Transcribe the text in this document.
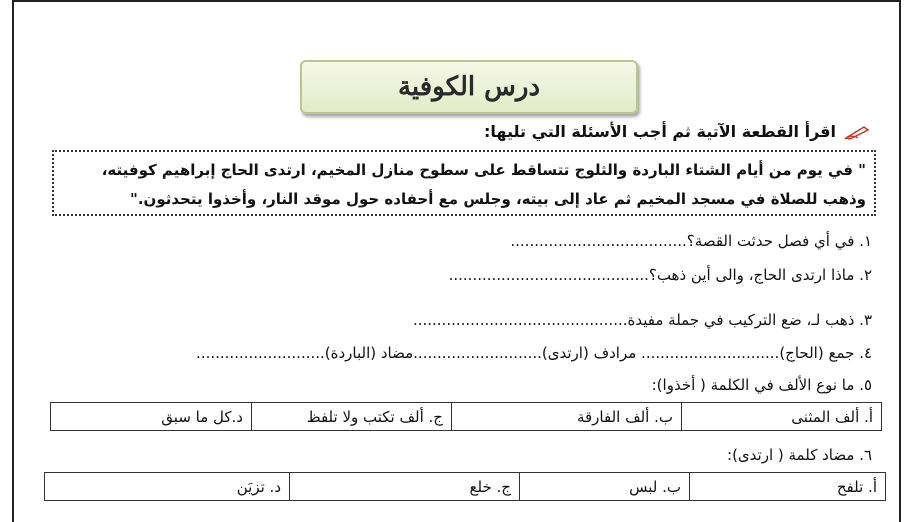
درس الكوفية
اقرأ القطعة الآتية ثم أجب الأسئلة التي تليها:
" في يوم من أيام الشتاء الباردة والثلوج تتساقط على سطوح منازل المخيم، ارتدى الحاج إبراهيم كوفيته،
وذهب للصلاة في مسجد المخيم ثم عاد إلى بيته، وجلس مع أحفاده حول موقد النار، وأخذوا يتحدثون."
١. في أي فصل حدثت القصة؟.....................................
٢. ماذا ارتدى الحاج، والى أين ذهب؟..........................................
٣. ذهب لـ، ضع التركيب في جملة مفيدة.............................................
٤. جمع (الحاج)............................. مرادف (ارتدى)...........................مضاد (الباردة)...........................
٥. ما نوع الألف في الكلمة ( أخذوا):
أ. ألف المثنى	ب. ألف الفارقة	ج. ألف تكتب ولا تلفظ	د.كل ما سبق
٦. مضاد كلمة ( ارتدى):
أ. تلفح	ب. لبس	ج. خلع	د. تزيَن
